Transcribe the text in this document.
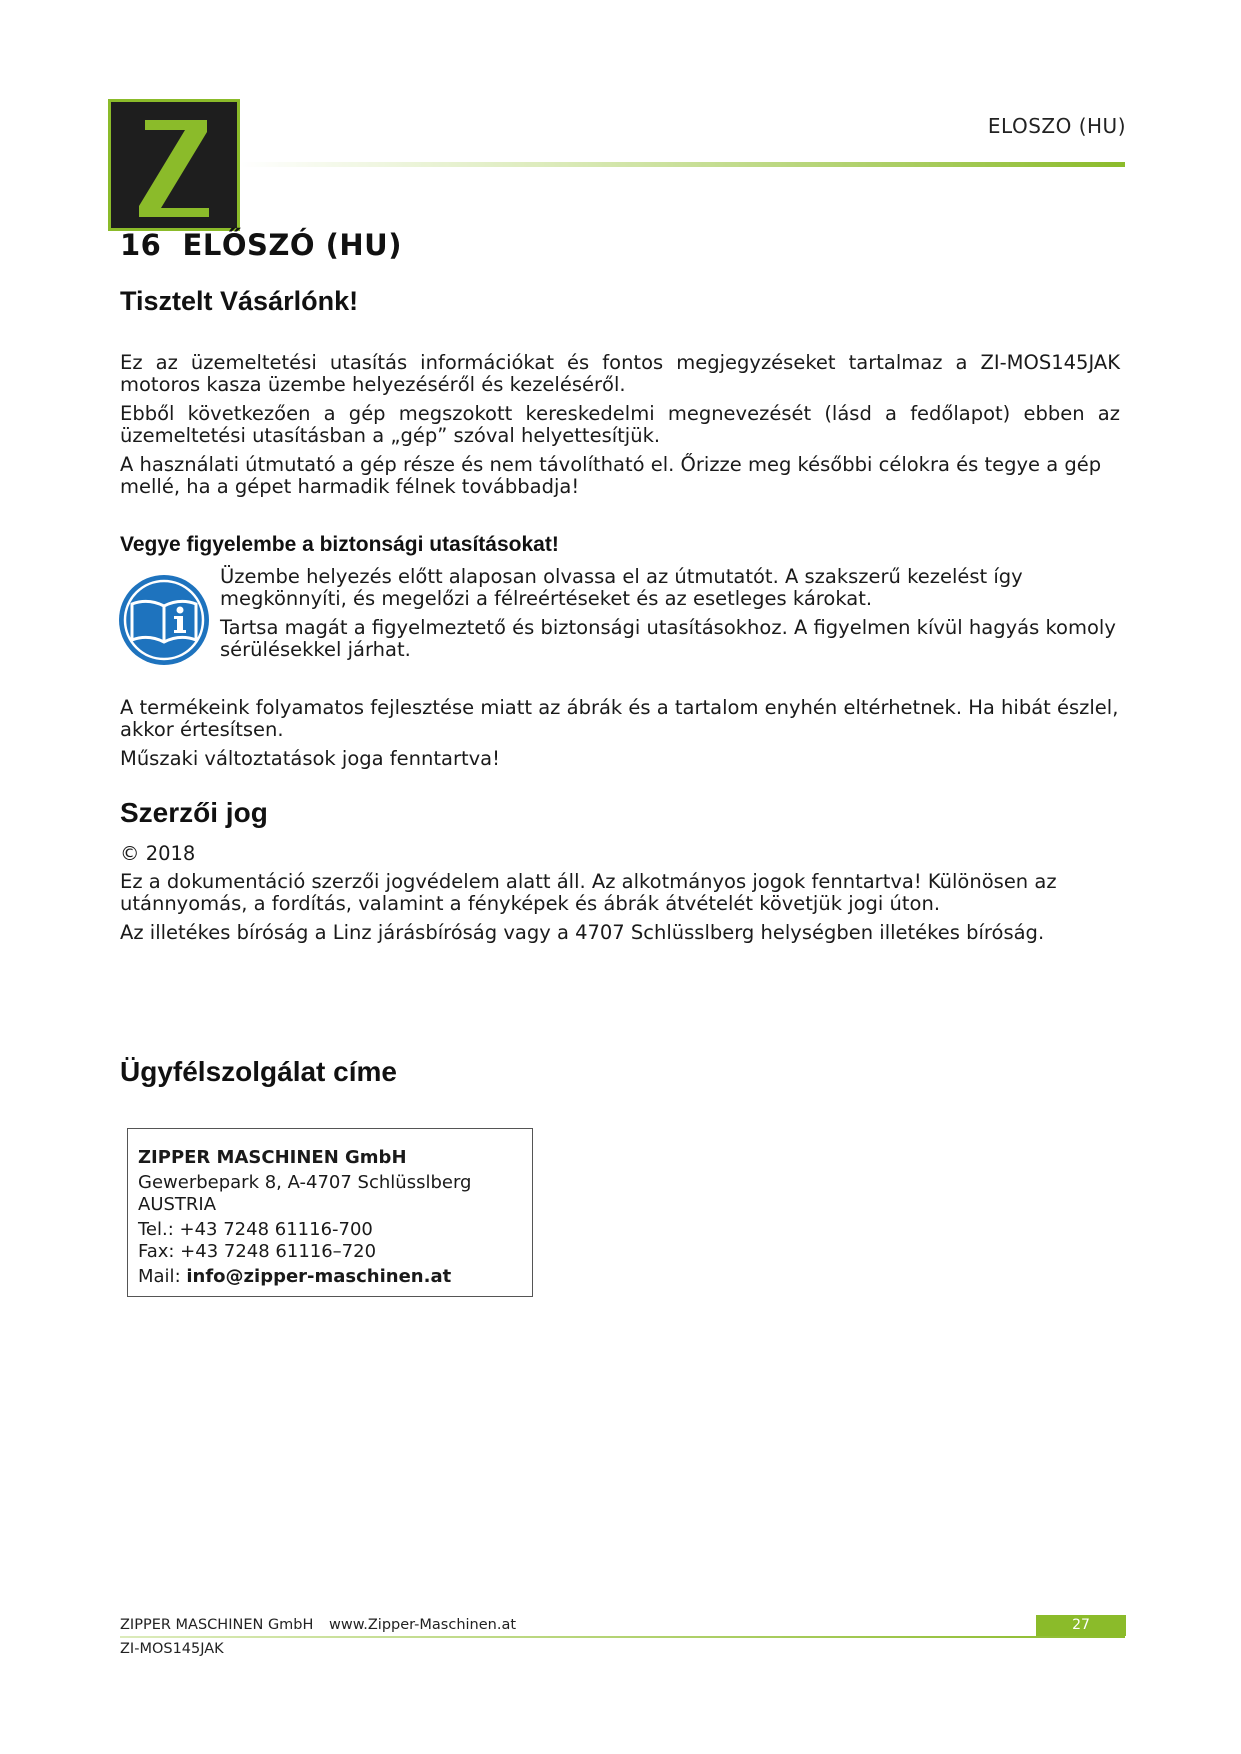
ELOSZO (HU)
16  ELŐSZÓ (HU)
Tisztelt Vásárlónk!
Ez az üzemeltetési utasítás információkat és fontos megjegyzéseket tartalmaz a ZI-MOS145JAK motoros kasza üzembe helyezéséről és kezeléséről.
Ebből következően a gép megszokott kereskedelmi megnevezését (lásd a fedőlapot) ebben az üzemeltetési utasításban a „gép” szóval helyettesítjük.
A használati útmutató a gép része és nem távolítható el. Őrizze meg későbbi célokra és tegye a gép mellé, ha a gépet harmadik félnek továbbadja!
Vegye figyelembe a biztonsági utasításokat!
Üzembe helyezés előtt alaposan olvassa el az útmutatót. A szakszerű kezelést így megkönnyíti, és megelőzi a félreértéseket és az esetleges károkat.
Tartsa magát a figyelmeztető és biztonsági utasításokhoz. A figyelmen kívül hagyás komoly sérülésekkel járhat.
A termékeink folyamatos fejlesztése miatt az ábrák és a tartalom enyhén eltérhetnek. Ha hibát észlel, akkor értesítsen.
Műszaki változtatások joga fenntartva!
Szerzői jog
© 2018
Ez a dokumentáció szerzői jogvédelem alatt áll. Az alkotmányos jogok fenntartva! Különösen az utánnyomás, a fordítás, valamint a fényképek és ábrák átvételét követjük jogi úton.
Az illetékes bíróság a Linz járásbíróság vagy a 4707 Schlüsslberg helységben illetékes bíróság.
Ügyfélszolgálat címe
ZIPPER MASCHINEN GmbH
Gewerbepark 8, A-4707 Schlüsslberg
AUSTRIA
Tel.: +43 7248 61116-700
Fax: +43 7248 61116–720
Mail: info@zipper-maschinen.at
ZIPPER MASCHINEN GmbH www.Zipper-Maschinen.at	27
ZI-MOS145JAK
